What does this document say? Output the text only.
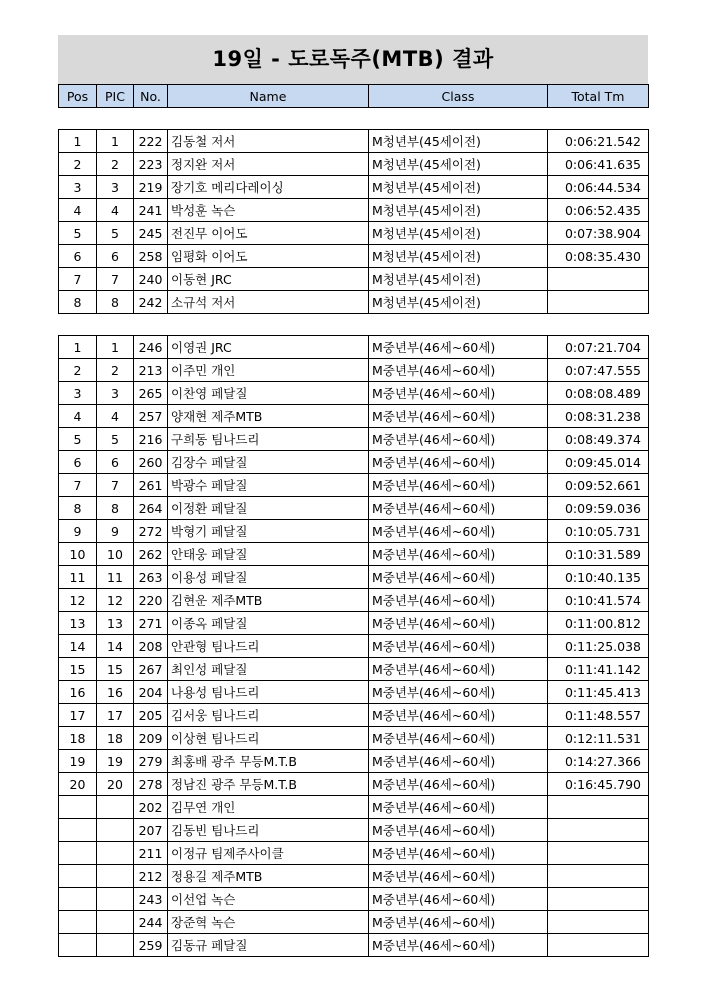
19일 - 도로독주(MTB) 결과
Pos	PIC	No.	Name	Class	Total Tm

1	1	222	김동철 저서	M청년부(45세이전)	0:06:21.542
2	2	223	정지완 저서	M청년부(45세이전)	0:06:41.635
3	3	219	장기호 메리다레이싱	M청년부(45세이전)	0:06:44.534
4	4	241	박성훈 녹슨	M청년부(45세이전)	0:06:52.435
5	5	245	전진무 이어도	M청년부(45세이전)	0:07:38.904
6	6	258	임평화 이어도	M청년부(45세이전)	0:08:35.430
7	7	240	이동현 JRC	M청년부(45세이전)	
8	8	242	소규석 저서	M청년부(45세이전)	

1	1	246	이영권 JRC	M중년부(46세~60세)	0:07:21.704
2	2	213	이주민 개인	M중년부(46세~60세)	0:07:47.555
3	3	265	이찬영 페달질	M중년부(46세~60세)	0:08:08.489
4	4	257	양재현 제주MTB	M중년부(46세~60세)	0:08:31.238
5	5	216	구희동 팀나드리	M중년부(46세~60세)	0:08:49.374
6	6	260	김장수 페달질	M중년부(46세~60세)	0:09:45.014
7	7	261	박광수 페달질	M중년부(46세~60세)	0:09:52.661
8	8	264	이정환 페달질	M중년부(46세~60세)	0:09:59.036
9	9	272	박형기 페달질	M중년부(46세~60세)	0:10:05.731
10	10	262	안태웅 페달질	M중년부(46세~60세)	0:10:31.589
11	11	263	이용성 페달질	M중년부(46세~60세)	0:10:40.135
12	12	220	김현운 제주MTB	M중년부(46세~60세)	0:10:41.574
13	13	271	이종옥 페달질	M중년부(46세~60세)	0:11:00.812
14	14	208	안관형 팀나드리	M중년부(46세~60세)	0:11:25.038
15	15	267	최인성 페달질	M중년부(46세~60세)	0:11:41.142
16	16	204	나용성 팀나드리	M중년부(46세~60세)	0:11:45.413
17	17	205	김서웅 팀나드리	M중년부(46세~60세)	0:11:48.557
18	18	209	이상현 팀나드리	M중년부(46세~60세)	0:12:11.531
19	19	279	최홍배 광주 무등M.T.B	M중년부(46세~60세)	0:14:27.366
20	20	278	정남진 광주 무등M.T.B	M중년부(46세~60세)	0:16:45.790
		202	김무연 개인	M중년부(46세~60세)	
		207	김동빈 팀나드리	M중년부(46세~60세)	
		211	이정규 팀제주사이클	M중년부(46세~60세)	
		212	정용길 제주MTB	M중년부(46세~60세)	
		243	이선업 녹슨	M중년부(46세~60세)	
		244	장준혁 녹슨	M중년부(46세~60세)	
		259	김동규 페달질	M중년부(46세~60세)	
